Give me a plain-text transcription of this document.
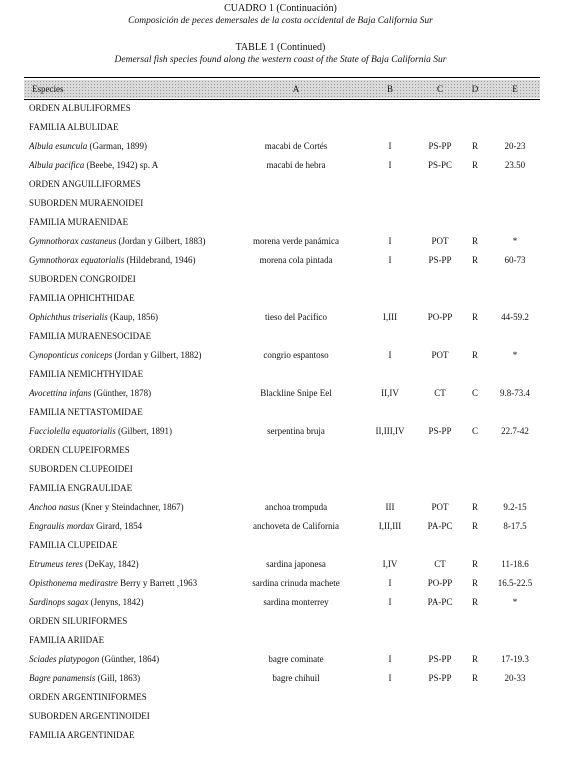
CUADRO 1 (Continuación)
Composición de peces demersales de la costa occidental de Baja California Sur
TABLE 1 (Continued)
Demersal fish species found along the western coast of the State of Baja California Sur
Especies	A	B	C	D	E
ORDEN ALBULIFORMES
FAMILIA ALBULIDAE
Albula esuncula (Garman, 1899)	macabi de Cortés	I	PS-PP	R	20-23
Albula pacifica (Beebe, 1942) sp. A	macabi de hebra	I	PS-PC	R	23.50
ORDEN ANGUILLIFORMES
SUBORDEN MURAENOIDEI
FAMILIA MURAENIDAE
Gymnothorax castaneus (Jordan y Gilbert, 1883)	morena verde panámica	I	POT	R	*
Gymnothorax equatorialis (Hildebrand, 1946)	morena cola pintada	I	PS-PP	R	60-73
SUBORDEN CONGROIDEI
FAMILIA OPHICHTHIDAE
Ophichthus triserialis (Kaup, 1856)	tieso del Pacifico	I,III	PO-PP	R	44-59.2
FAMILIA MURAENESOCIDAE
Cynoponticus coniceps (Jordan y Gilbert, 1882)	congrio espantoso	I	POT	R	*
FAMILIA NEMICHTHYIDAE
Avocettina infans (Günther, 1878)	Blackline Snipe Eel	II,IV	CT	C	9.8-73.4
FAMILIA NETTASTOMIDAE
Facciolella equatorialis (Gilbert, 1891)	serpentina bruja	II,III,IV	PS-PP	C	22.7-42
ORDEN CLUPEIFORMES
SUBORDEN CLUPEOIDEI
FAMILIA ENGRAULIDAE
Anchoa nasus (Kner y Steindachner, 1867)	anchoa trompuda	III	POT	R	9.2-15
Engraulis mordax Girard, 1854	anchoveta de California	I,II,III	PA-PC	R	8-17.5
FAMILIA CLUPEIDAE
Etrumeus teres (DeKay, 1842)	sardina japonesa	I,IV	CT	R	11-18.6
Opisthonema medirastre Berry y Barrett ,1963	sardina crinuda machete	I	PO-PP	R	16.5-22.5
Sardinops sagax (Jenyns, 1842)	sardina monterrey	I	PA-PC	R	*
ORDEN SILURIFORMES
FAMILIA ARIIDAE
Sciades platypogon (Günther, 1864)	bagre cominate	I	PS-PP	R	17-19.3
Bagre panamensis (Gill, 1863)	bagre chihuil	I	PS-PP	R	20-33
ORDEN ARGENTINIFORMES
SUBORDEN ARGENTINOIDEI
FAMILIA ARGENTINIDAE
